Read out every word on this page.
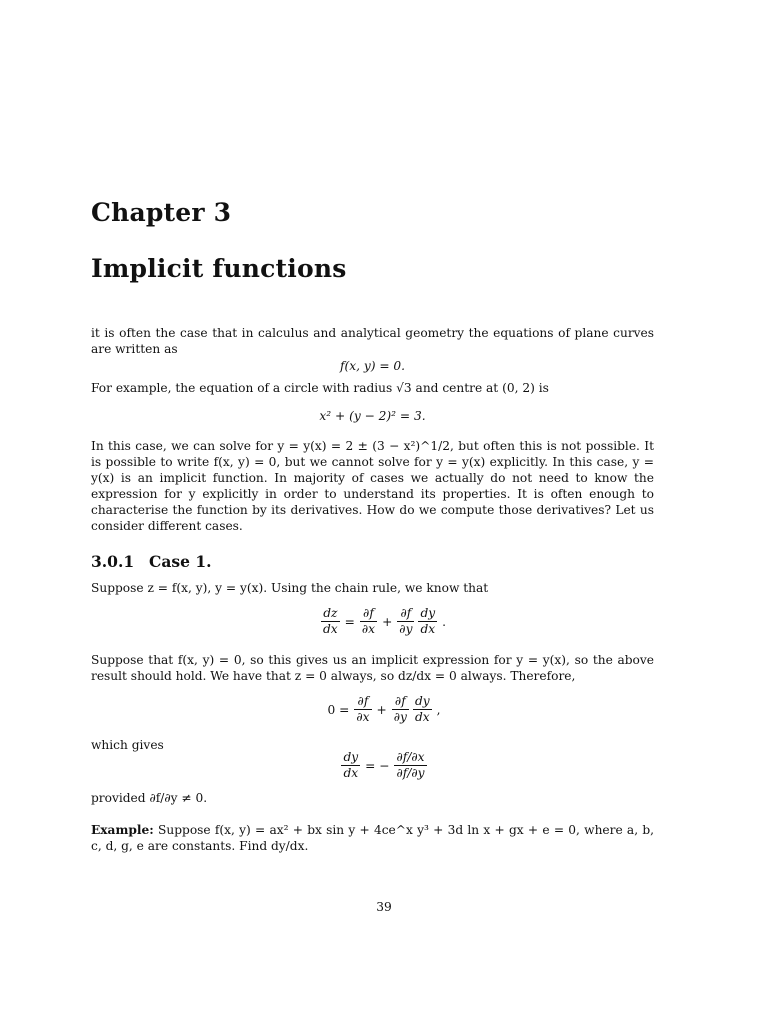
Chapter 3
Implicit functions
it is often the case that in calculus and analytical geometry the equations of plane curves are written as
f(x, y) = 0.
For example, the equation of a circle with radius √3 and centre at (0, 2) is
x² + (y − 2)² = 3.
In this case, we can solve for y = y(x) = 2 ± (3 − x²)^1/2, but often this is not possible. It is possible to write f(x, y) = 0, but we cannot solve for y = y(x) explicitly. In this case, y = y(x) is an implicit function. In majority of cases we actually do not need to know the expression for y explicitly in order to understand its properties. It is often enough to characterise the function by its derivatives. How do we compute those derivatives? Let us consider different cases.
3.0.1 Case 1.
Suppose z = f(x, y), y = y(x). Using the chain rule, we know that
$\frac{dz}{dx} = \frac{\partial f}{\partial x} + \frac{\partial f}{\partial y} \frac{dy}{dx}$ .
Suppose that f(x, y) = 0, so this gives us an implicit expression for y = y(x), so the above result should hold. We have that z = 0 always, so dz/dx = 0 always. Therefore,
$0 = \frac{\partial f}{\partial x} + \frac{\partial f}{\partial y} \frac{dy}{dx}$ ,
which gives
$\frac{dy}{dx}$ = − $\frac{\partial f/\partial x}{\partial f/\partial y}$
provided ∂f/∂y ≠ 0.
Example: Suppose f(x, y) = ax² + bx sin y + 4ce^x y³ + 3d ln x + gx + e = 0, where a, b, c, d, g, e are constants. Find dy/dx.
39
